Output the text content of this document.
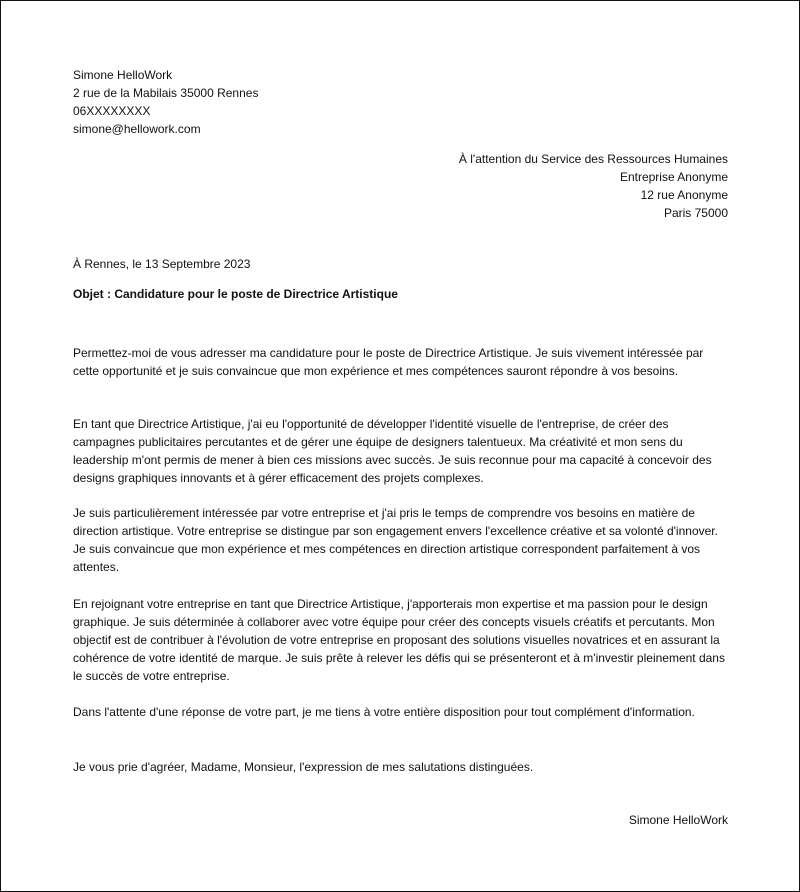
Simone HelloWork
2 rue de la Mabilais 35000 Rennes
06XXXXXXXX
simone@hellowork.com
À l'attention du Service des Ressources Humaines
Entreprise Anonyme
12 rue Anonyme
Paris 75000
À Rennes, le 13 Septembre 2023
Objet : Candidature pour le poste de Directrice Artistique

Permettez-moi de vous adresser ma candidature pour le poste de Directrice Artistique. Je suis vivement intéressée par cette opportunité et je suis convaincue que mon expérience et mes compétences sauront répondre à vos besoins.

En tant que Directrice Artistique, j'ai eu l'opportunité de développer l'identité visuelle de l'entreprise, de créer des campagnes publicitaires percutantes et de gérer une équipe de designers talentueux. Ma créativité et mon sens du leadership m'ont permis de mener à bien ces missions avec succès. Je suis reconnue pour ma capacité à concevoir des designs graphiques innovants et à gérer efficacement des projets complexes.

Je suis particulièrement intéressée par votre entreprise et j'ai pris le temps de comprendre vos besoins en matière de direction artistique. Votre entreprise se distingue par son engagement envers l'excellence créative et sa volonté d'innover. Je suis convaincue que mon expérience et mes compétences en direction artistique correspondent parfaitement à vos attentes.

En rejoignant votre entreprise en tant que Directrice Artistique, j'apporterais mon expertise et ma passion pour le design graphique. Je suis déterminée à collaborer avec votre équipe pour créer des concepts visuels créatifs et percutants. Mon objectif est de contribuer à l'évolution de votre entreprise en proposant des solutions visuelles novatrices et en assurant la cohérence de votre identité de marque. Je suis prête à relever les défis qui se présenteront et à m'investir pleinement dans le succès de votre entreprise.

Dans l'attente d'une réponse de votre part, je me tiens à votre entière disposition pour tout complément d'information.

Je vous prie d'agréer, Madame, Monsieur, l'expression de mes salutations distinguées.

Simone HelloWork
